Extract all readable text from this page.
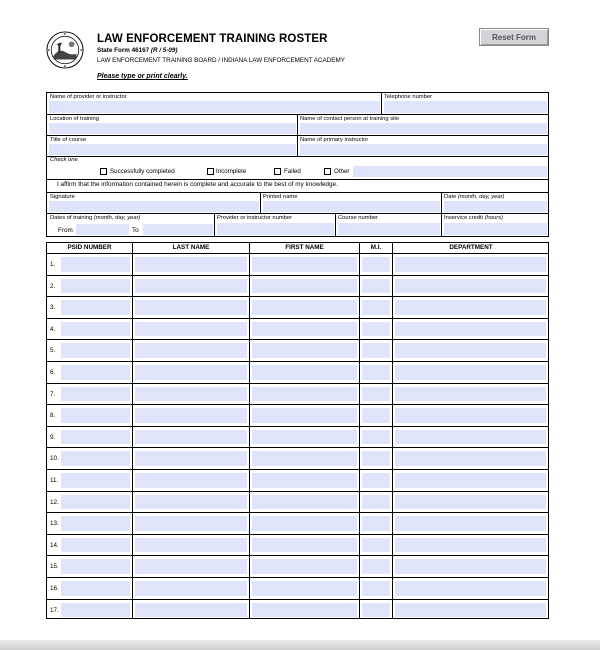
LAW ENFORCEMENT TRAINING ROSTER
State Form 46167 (R / 5-09)
LAW ENFORCEMENT TRAINING BOARD / INDIANA LAW ENFORCEMENT ACADEMY
Please type or print clearly.
Reset Form
Name of provider or instructor	Telephone number
Location of training	Name of contact person at training site
Title of course	Name of primary instructor
Check one
Successfully completed	Incomplete	Failed	Other
I affirm that the information contained herein is complete and accurate to the best of my knowledge.
Signature	Printed name	Date (month, day, year)
Dates of training (month, day, year)
From	To
Provider or instructor number	Course number	Inservice credit (hours)
PSID NUMBER	LAST NAME	FIRST NAME	M.I.	DEPARTMENT
1.
2.
3.
4.
5.
6.
7.
8.
9.
10.
11.
12.
13.
14.
15.
16.
17.
